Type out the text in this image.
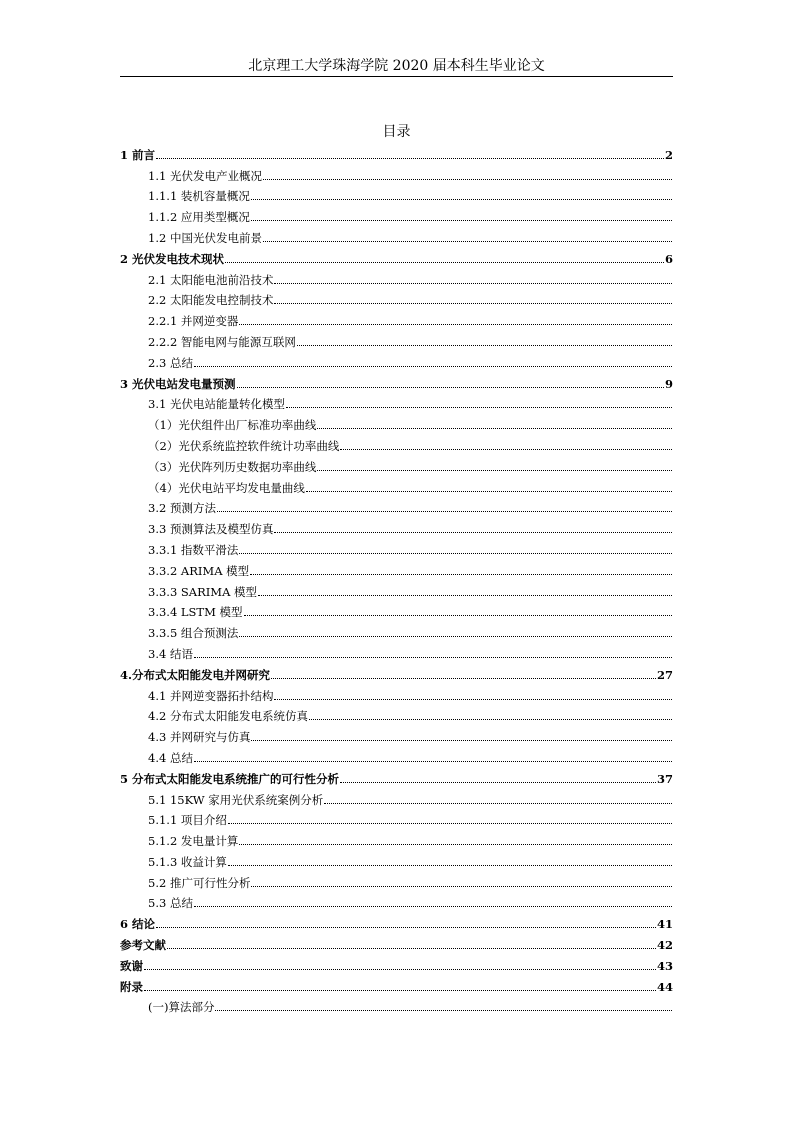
北京理工大学珠海学院 2020 届本科生毕业论文
目录
1 前言	2
1.1 光伏发电产业概况
1.1.1 装机容量概况
1.1.2 应用类型概况
1.2 中国光伏发电前景
2 光伏发电技术现状	6
2.1 太阳能电池前沿技术
2.2 太阳能发电控制技术
2.2.1 并网逆变器
2.2.2 智能电网与能源互联网
2.3 总结
3 光伏电站发电量预测	9
3.1 光伏电站能量转化模型
（1）光伏组件出厂标准功率曲线
（2）光伏系统监控软件统计功率曲线
（3）光伏阵列历史数据功率曲线
（4）光伏电站平均发电量曲线
3.2 预测方法
3.3 预测算法及模型仿真
3.3.1 指数平滑法
3.3.2 ARIMA 模型
3.3.3 SARIMA 模型
3.3.4 LSTM 模型
3.3.5 组合预测法
3.4 结语
4.分布式太阳能发电并网研究	27
4.1 并网逆变器拓扑结构
4.2 分布式太阳能发电系统仿真
4.3 并网研究与仿真
4.4 总结
5 分布式太阳能发电系统推广的可行性分析	37
5.1 15KW 家用光伏系统案例分析
5.1.1 项目介绍
5.1.2 发电量计算
5.1.3 收益计算
5.2 推广可行性分析
5.3 总结
6 结论	41
参考文献	42
致谢	43
附录	44
(一)算法部分
